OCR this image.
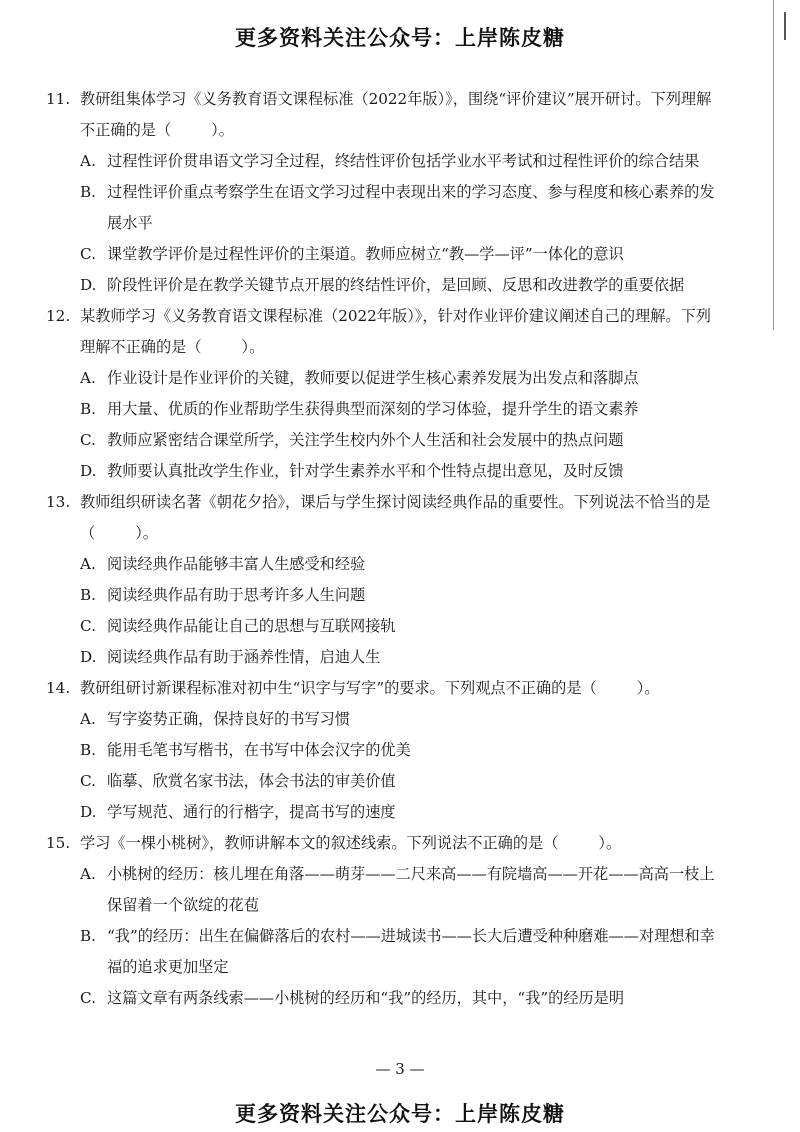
更多资料关注公众号：上岸陈皮糖
11. 教研组集体学习《义务教育语文课程标准（2022年版）》，围绕“评价建议”展开研讨。下列理解不正确的是（	）。
A. 过程性评价贯串语文学习全过程，终结性评价包括学业水平考试和过程性评价的综合结果
B. 过程性评价重点考察学生在语文学习过程中表现出来的学习态度、参与程度和核心素养的发展水平
C. 课堂教学评价是过程性评价的主渠道。教师应树立“教—学—评”一体化的意识
D. 阶段性评价是在教学关键节点开展的终结性评价，是回顾、反思和改进教学的重要依据
12. 某教师学习《义务教育语文课程标准（2022年版）》，针对作业评价建议阐述自己的理解。下列理解不正确的是（	）。
A. 作业设计是作业评价的关键，教师要以促进学生核心素养发展为出发点和落脚点
B. 用大量、优质的作业帮助学生获得典型而深刻的学习体验，提升学生的语文素养
C. 教师应紧密结合课堂所学，关注学生校内外个人生活和社会发展中的热点问题
D. 教师要认真批改学生作业，针对学生素养水平和个性特点提出意见，及时反馈
13. 教师组织研读名著《朝花夕拾》，课后与学生探讨阅读经典作品的重要性。下列说法不恰当的是（	）。
A. 阅读经典作品能够丰富人生感受和经验
B. 阅读经典作品有助于思考许多人生问题
C. 阅读经典作品能让自己的思想与互联网接轨
D. 阅读经典作品有助于涵养性情，启迪人生
14. 教研组研讨新课程标准对初中生“识字与写字”的要求。下列观点不正确的是（	）。
A. 写字姿势正确，保持良好的书写习惯
B. 能用毛笔书写楷书，在书写中体会汉字的优美
C. 临摹、欣赏名家书法，体会书法的审美价值
D. 学写规范、通行的行楷字，提高书写的速度
15. 学习《一棵小桃树》，教师讲解本文的叙述线索。下列说法不正确的是（	）。
A. 小桃树的经历：核儿埋在角落——萌芽——二尺来高——有院墙高——开花——高高一枝上保留着一个欲绽的花苞
B. “我”的经历：出生在偏僻落后的农村——进城读书——长大后遭受种种磨难——对理想和幸福的追求更加坚定
C. 这篇文章有两条线索——小桃树的经历和“我”的经历，其中，“我”的经历是明
— 3 —
更多资料关注公众号：上岸陈皮糖
